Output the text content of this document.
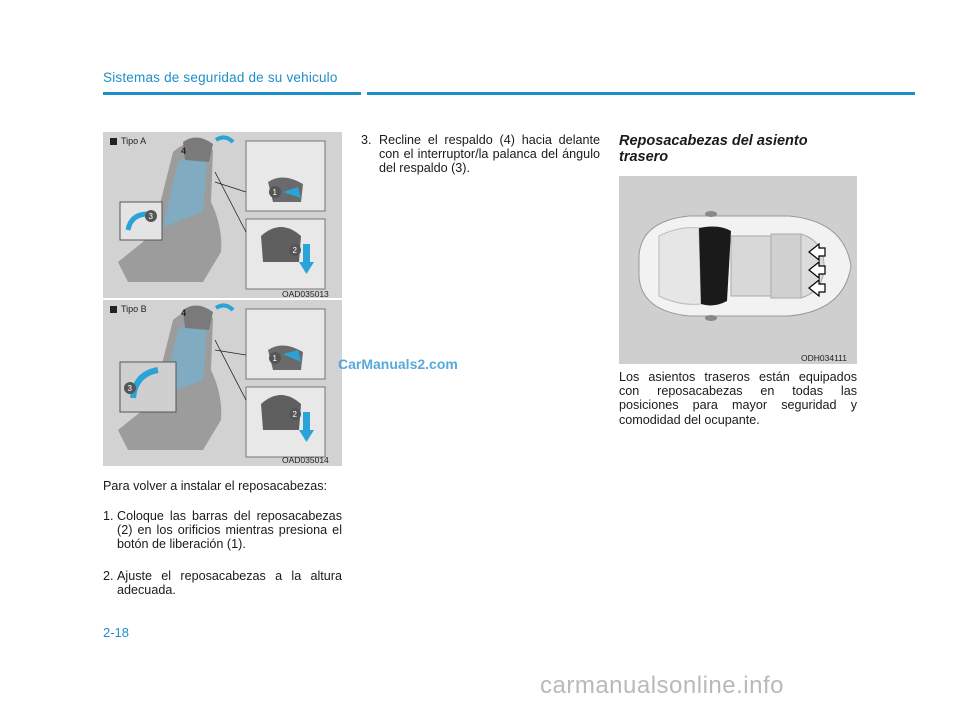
Sistemas de seguridad de su vehiculo
3
4
1
2
Tipo A
OAD035013
3
4
1
2
Tipo B
OAD035014
Para volver a instalar el reposacabezas:
1. Coloque las barras del reposacabezas (2) en los orificios mientras presiona el botón de liberación (1).
2. Ajuste el reposacabezas a la altura adecuada.
3. Recline el respaldo (4) hacia delante con el interruptor/la palanca del ángulo del respaldo (3).
Reposacabezas del asiento trasero
ODH034111
Los asientos traseros están equipados con reposacabezas en todas las posiciones para mayor seguridad y comodidad del ocupante.
2-18
CarManuals2.com
carmanualsonline.info
